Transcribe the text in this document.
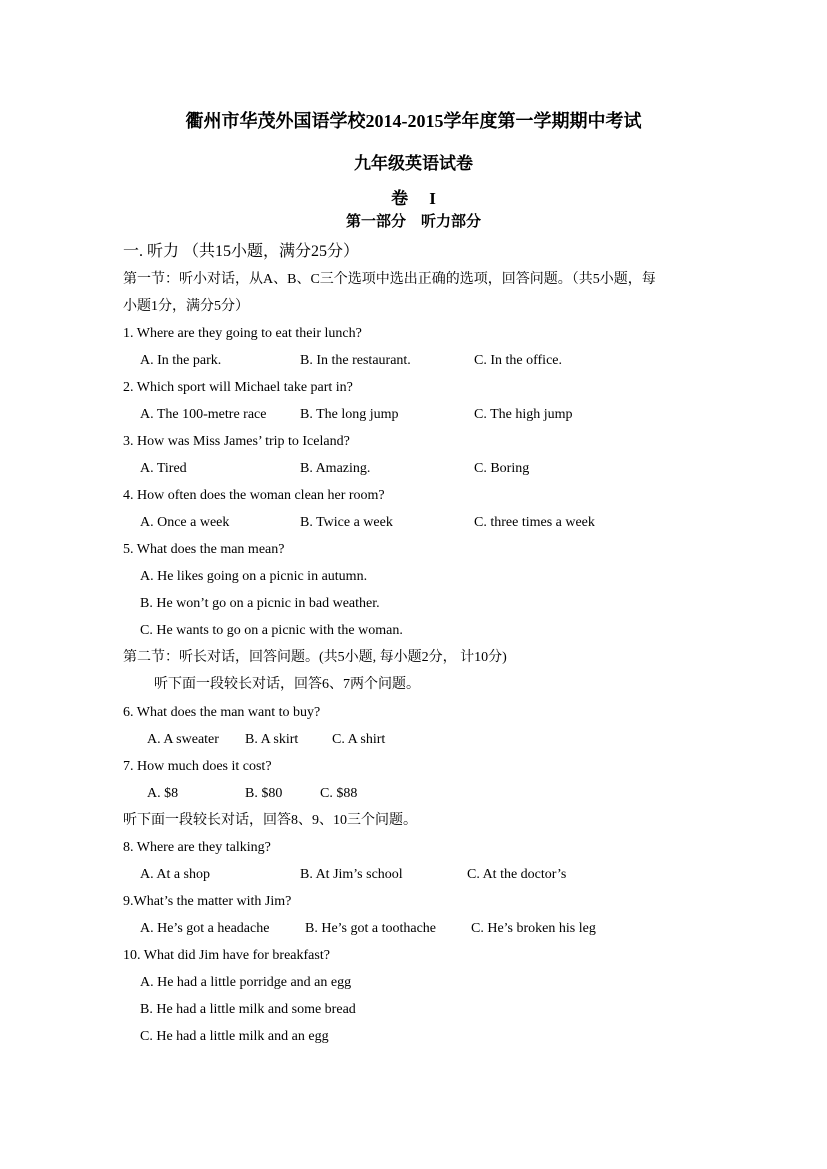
衢州市华茂外国语学校2014-2015学年度第一学期期中考试
九年级英语试卷
卷　 I
第一部分　听力部分
一. 听力 （共15小题，满分25分）
第一节：听小对话，从A、B、C三个选项中选出正确的选项，回答问题。（共5小题，每
小题1分，满分5分）
1. Where are they going to eat their lunch?
A. In the park.	B. In the restaurant.	C. In the office.
2. Which sport will Michael take part in?
A. The 100-metre race B. The long jump	C. The high jump
3. How was Miss James’ trip to Iceland?
A. Tired	B. Amazing.	C. Boring
4. How often does the woman clean her room?
A. Once a week	B. Twice a week	C. three times a week
5. What does the man mean?
A. He likes going on a picnic in autumn.
B. He won’t go on a picnic in bad weather.
C. He wants to go on a picnic with the woman.
第二节：听长对话，回答问题。(共5小题, 每小题2分， 计10分)
听下面一段较长对话，回答6、7两个问题。
6. What does the man want to buy?
A. A sweater B. A skirt C. A shirt
7. How much does it cost?
A. $8	B. $80	C. $88
听下面一段较长对话，回答8、9、10三个问题。
8. Where are they talking?
A. At a shop	B. At Jim’s school	C. At the doctor’s
9.What’s the matter with Jim?
A. He’s got a headache	B. He’s got a toothache C. He’s broken his leg
10. What did Jim have for breakfast?
A. He had a little porridge and an egg
B. He had a little milk and some bread
C. He had a little milk and an egg
